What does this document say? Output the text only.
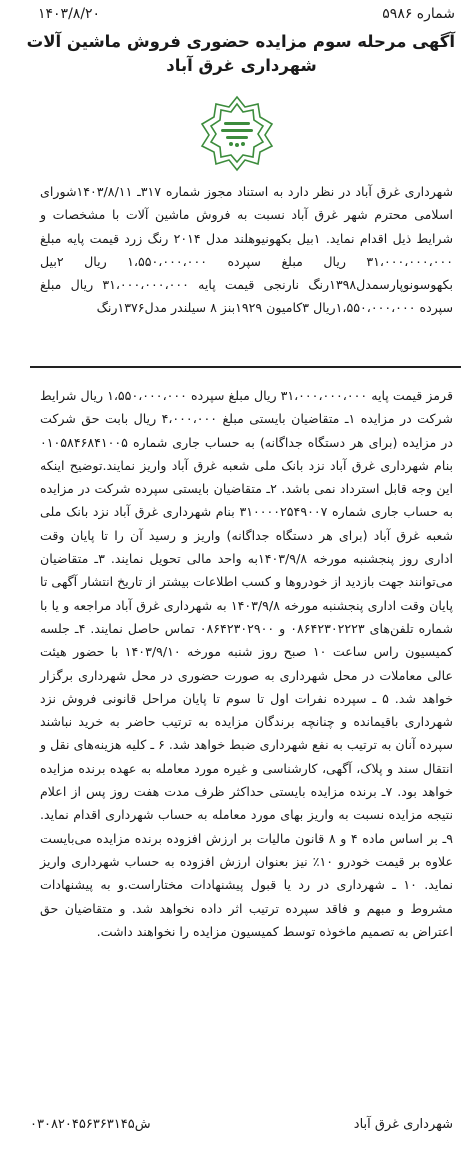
شماره ۵۹۸۶
۱۴۰۳/۸/۲۰
آگهی مرحله سوم مزایده حضوری فروش ماشین آلات
شهرداری غرق آباد
شهرداری غرق آباد در نظر دارد به استناد مجوز شماره ۳۱۷ـ ۱۴۰۳/۸/۱۱شورای اسلامی محترم شهر غرق آباد نسبت به فروش ماشین آلات با مشخصات و شرایط ذیل اقدام نماید. ۱بیل بکهونیوهلند مدل ۲۰۱۴ رنگ زرد قیمت پایه مبلغ ۳۱،۰۰۰،۰۰۰،۰۰۰ ریال مبلغ سپرده ۱،۵۵۰،۰۰۰،۰۰۰ ریال ۲بیل بکهوسونوپارسمدل۱۳۹۸رنگ نارنجی قیمت پایه ۳۱،۰۰۰،۰۰۰،۰۰۰ ریال مبلغ سپرده ۱،۵۵۰،۰۰۰،۰۰۰ریال ۳کامیون ۱۹۲۹بنز ۸ سیلندر مدل۱۳۷۶رنگ
قرمز قیمت پایه ۳۱،۰۰۰،۰۰۰،۰۰۰ ریال مبلغ سپرده ۱،۵۵۰،۰۰۰،۰۰۰ ریال شرایط شرکت در مزایده ۱ـ متقاضیان بایستی مبلغ ۴،۰۰۰،۰۰۰ ریال بابت حق شرکت در مزایده (برای هر دستگاه جداگانه) به حساب جاری شماره ۰۱۰۵۸۴۶۸۴۱۰۰۵ بنام شهرداری غرق آباد نزد بانک ملی شعبه غرق آباد واریز نمایند.توضیح اینکه این وجه قابل استرداد نمی باشد. ۲ـ متقاضیان بایستی سپرده شرکت در مزایده به حساب جاری شماره ۳۱۰۰۰۰۲۵۴۹۰۰۷ بنام شهرداری غرق آباد نزد بانک ملی شعبه غرق آباد (برای هر دستگاه جداگانه) واریز و رسید آن را تا پایان وقت اداری روز پنجشنبه مورخه ۱۴۰۳/۹/۸به واحد مالی تحویل نمایند. ۳ـ متقاضیان می‌توانند جهت بازدید از خودروها و کسب اطلاعات بیشتر از تاریخ انتشار آگهی تا پایان وقت اداری پنجشنبه مورخه ۱۴۰۳/۹/۸ به شهرداری غرق آباد مراجعه و یا با شماره تلفن‌های ۰۸۶۴۲۳۰۲۲۲۳ و ۰۸۶۴۲۳۰۲۹۰۰ تماس حاصل نمایند. ۴ـ جلسه کمیسیون راس ساعت ۱۰ صبح روز شنبه مورخه ۱۴۰۳/۹/۱۰ با حضور هیئت عالی معاملات در محل شهرداری به صورت حضوری در محل شهرداری برگزار خواهد شد. ۵ ـ سپرده نفرات اول تا سوم تا پایان مراحل قانونی فروش نزد شهرداری باقیمانده و چنانچه برندگان مزایده به ترتیب حاضر به خرید نباشند سپرده آنان به ترتیب به نفع شهرداری ضبط خواهد شد. ۶ ـ کلیه هزینه‌های نقل و انتقال سند و پلاک، آگهی، کارشناسی و غیره مورد معامله به عهده برنده مزایده خواهد بود. ۷ـ برنده مزایده بایستی حداکثر ظرف مدت هفت روز پس از اعلام نتیجه مزایده نسبت به واریز بهای مورد معامله به حساب شهرداری اقدام نماید. ۹ـ بر اساس ماده ۴ و ۸ قانون مالیات بر ارزش افزوده برنده مزایده می‌بایست علاوه بر قیمت خودرو ۱۰٪ نیز بعنوان ارزش افزوده به حساب شهرداری واریز نماید. ۱۰ ـ شهرداری در رد یا قبول پیشنهادات مختاراست.و به پیشنهادات مشروط و مبهم و فاقد سپرده ترتیب اثر داده نخواهد شد. و متقاضیان حق اعتراض به تصمیم ماخوذه توسط کمیسیون مزایده را نخواهند داشت.
شهرداری غرق آباد
ش۰۳۰۸۲۰۴۵۶۳۶۳۱۴۵
